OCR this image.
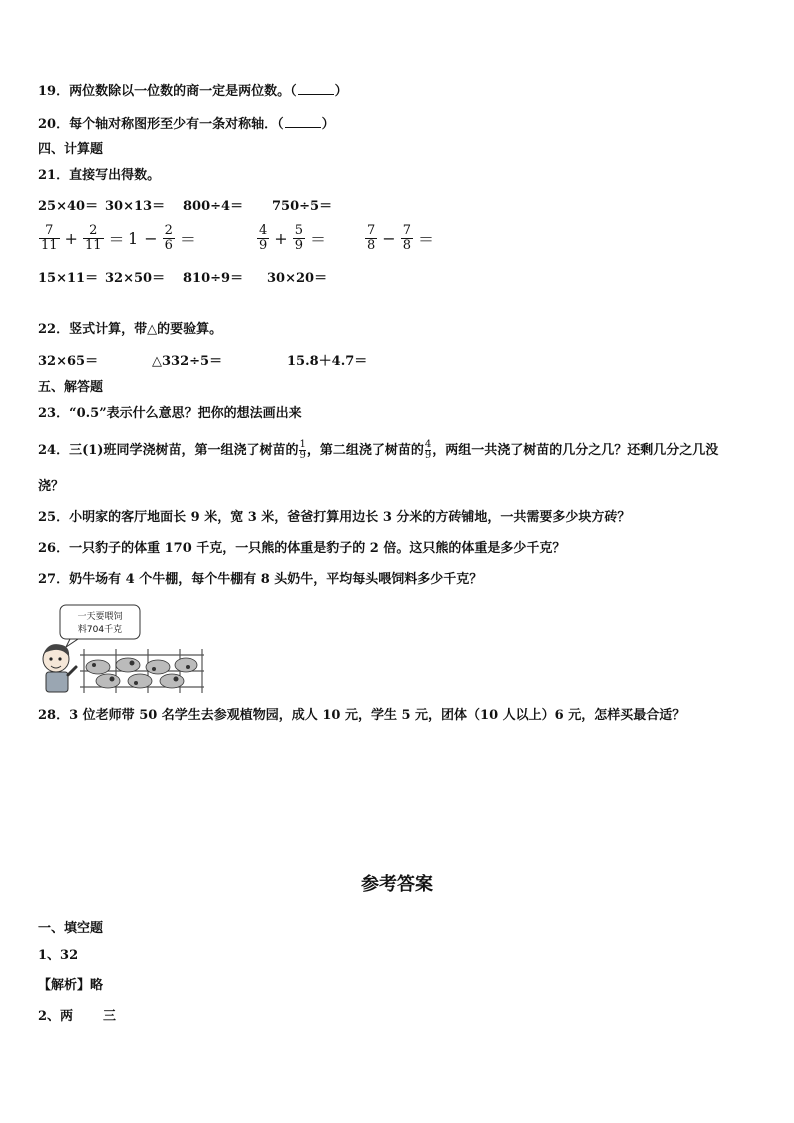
19．两位数除以一位数的商一定是两位数。（	）
20．每个轴对称图形至少有一条对称轴．（	）
四、计算题
21．直接写出得数。
25×40＝ 30×13＝ 800÷4＝ 750÷5＝
$\frac{7}{11} + \frac{2}{11} = 1 - \frac{2}{6}$ ＝	$\frac{4}{9} + \frac{5}{9}$ ＝	$\frac{7}{8} - \frac{7}{8}$ ＝
15×11＝ 32×50＝ 810÷9＝ 30×20＝
22．竖式计算，带△的要验算。
32×65＝	△332÷5＝	15.8＋4.7＝
五、解答题
23．“0.5”表示什么意思？把你的想法画出来
24．三(1)班同学浇树苗，第一组浇了树苗的 $\frac{1}{9}$ ，第二组浇了树苗的 $\frac{4}{9}$ ，两组一共浇了树苗的几分之几？还剩几分之几没
浇？
25．小明家的客厅地面长 9 米，宽 3 米，爸爸打算用边长 3 分米的方砖铺地，一共需要多少块方砖？
26．一只豹子的体重 170 千克，一只熊的体重是豹子的 2 倍。这只熊的体重是多少千克？
27．奶牛场有 4 个牛棚，每个牛棚有 8 头奶牛，平均每头喂饲料多少千克？
一天要喂饲
料704千克
28．3 位老师带 50 名学生去参观植物园，成人 10 元，学生 5 元，团体（10 人以上）6 元，怎样买最合适？
参考答案
一、填空题
1、32
【解析】略
2、两 三
